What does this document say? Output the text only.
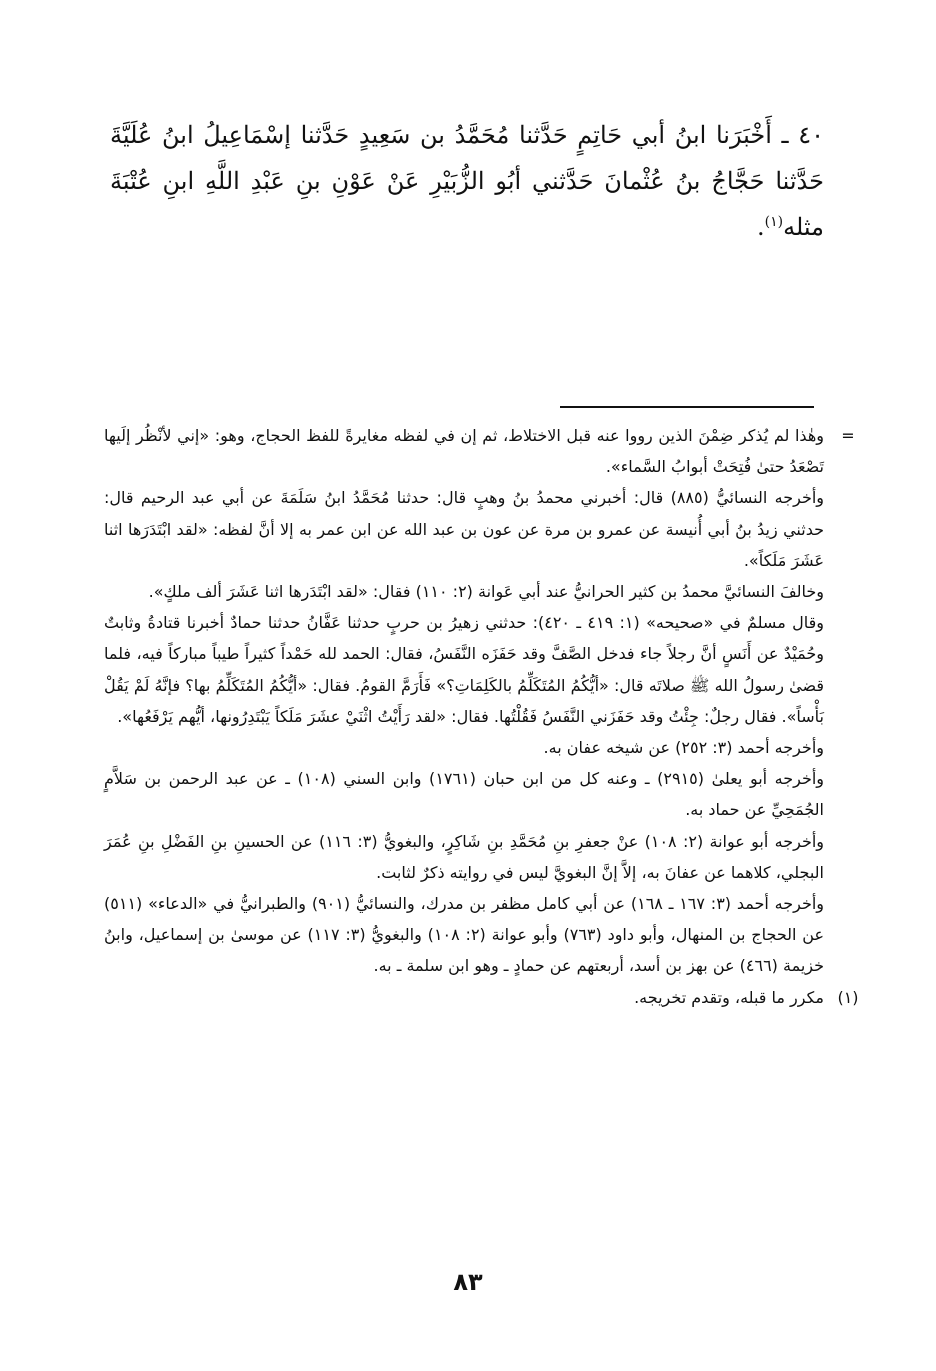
٤٠ ـ أَخْبَرَنا ابنُ أبي حَاتِمٍ حَدَّثنا مُحَمَّدُ بن سَعِيدٍ حَدَّثنا إسْمَاعِيلُ ابنُ عُلَيَّةَ حَدَّثنا حَجَّاجُ بنُ عُثْمانَ حَدَّثني أبُو الزُّبَيْرِ عَنْ عَوْنِ بنِ عَبْدِ اللَّهِ ابنِ عُتْبَةَ مثله$^{(١)}$.

=

وهٰذا لم يُذكر ضِمْنَ الذين رووا عنه قبل الاختلاط، ثم إن في لفظه مغايرةً للفظ الحجاج، وهو: «إني لأنْظُر إلَيها تَصْعَدُ حتىٰ فُتِحَتْ أبوابُ السَّماء».

وأخرجه النسائيُّ (٨٨٥) قال: أخبرني محمدُ بنُ وهبٍ قال: حدثنا مُحَمَّدُ ابنُ سَلَمَةَ عن أبي عبد الرحيم قال: حدثني زيدُ بنُ أبي أُنيسة عن عمرو بن مرة عن عون بن عبد الله عن ابن عمر به إلا أنَّ لفظه: «لقد ابْتَدَرَها اثنا عَشَرَ مَلَكاً».

وخالفَ النسائيَّ محمدُ بن كثير الحرانيُّ عند أبي عَوانة (٢: ١١٠) فقال: «لقد ابْتَدَرها اثنا عَشَرَ ألف ملكٍ».

وقال مسلمٌ في «صحيحه» (١: ٤١٩ ـ ٤٢٠): حدثني زهيرُ بن حربٍ حدثنا عَفَّانُ حدثنا حمادٌ أخبرنا قتادةُ وثابتٌ وحُمَيْدٌ عن أَنَسٍ أنَّ رجلاً جاء فدخل الصَّفَّ وقد حَفَزَه النَّفَسُ، فقال: الحمد لله حَمْداً كثيراً طيباً مباركاً فيه، فلما قضىٰ رسولُ الله ﷺ صلاتَه قال: «أيُّكُمُ المُتَكَلِّمُ بالكَلِمَاتِ؟» فَأَرَمَّ القومُ. فقال: «أيُّكُمُ المُتَكَلِّمُ بها؟ فإنَّهُ لَمْ يَقُلْ بَأْساً». فقال رجلٌ: جِئْتُ وقد حَفَزَني النَّفَسُ فَقُلْتُها. فقال: «لقد رَأَيْتُ اثْنَيْ عشَرَ مَلَكاً يَبْتَدِرُونها، أيُّهم يَرْفَعُها».

وأخرجه أحمد (٣: ٢٥٢) عن شيخه عفان به.

وأخرجه أبو يعلىٰ (٢٩١٥) ـ وعنه كل من ابن حبان (١٧٦١) وابن السني (١٠٨) ـ عن عبد الرحمن بن سَلاَّمٍ الجُمَحِيِّ عن حماد به.

وأخرجه أبو عوانة (٢: ١٠٨) عنْ جعفرِ بنِ مُحَمَّدِ بنِ شَاكِرٍ، والبغويُّ (٣: ١١٦) عن الحسينِ بنِ الفَضْلِ بنِ عُمَرَ البجلي، كلاهما عن عفانَ به، إلاَّ إنَّ البغويَّ ليس في روايته ذكرٌ لثابت.

وأخرجه أحمد (٣: ١٦٧ ـ ١٦٨) عن أبي كامل مظفر بن مدرك، والنسائيُّ (٩٠١) والطبرانيُّ في «الدعاء» (٥١١) عن الحجاج بن المنهال، وأبو داود (٧٦٣) وأبو عوانة (٢: ١٠٨) والبغويُّ (٣: ١١٧) عن موسىٰ بن إسماعيل، وابنُ خزيمة (٤٦٦) عن بهز بن أسد، أربعتهم عن حمادٍ ـ وهو ابن سلمة ـ به.

(١)

مكرر ما قبله، وتقدم تخريجه.

٨٣
